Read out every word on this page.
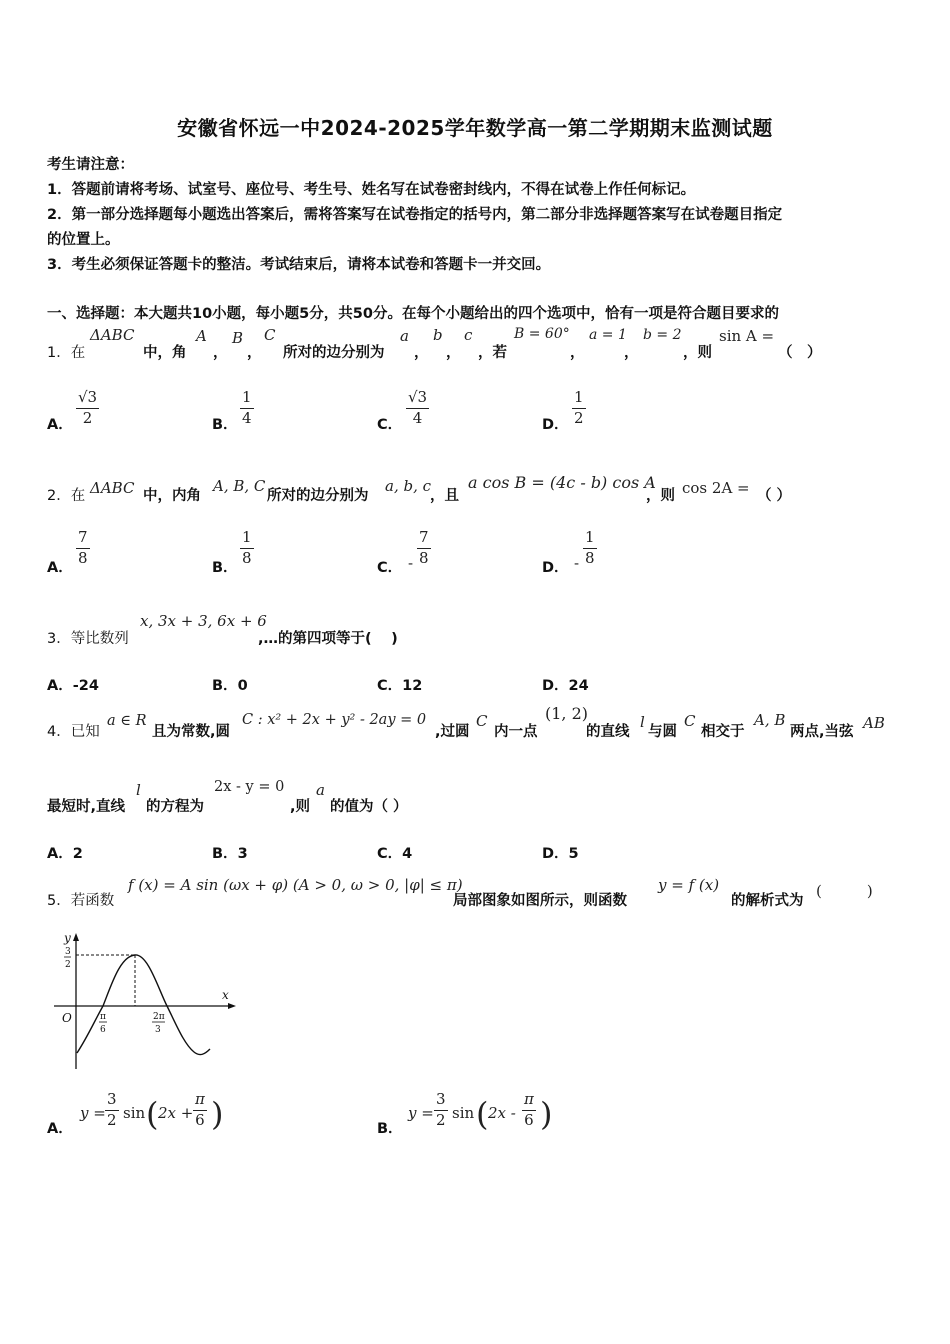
安徽省怀远一中2024-2025学年数学高一第二学期期末监测试题
考生请注意：
1．答题前请将考场、试室号、座位号、考生号、姓名写在试卷密封线内，不得在试卷上作任何标记。
2．第一部分选择题每小题选出答案后，需将答案写在试卷指定的括号内，第二部分非选择题答案写在试卷题目指定
的位置上。
3．考生必须保证答题卡的整洁。考试结束后，请将本试卷和答题卡一并交回。
一、选择题：本大题共10小题，每小题5分，共50分。在每个小题给出的四个选项中，恰有一项是符合题目要求的
1．在
ΔABC
中，角
A
，
B
，
C
所对的边分别为
a
，
b
，
c
，若
B = 60°
，
a = 1
，
b = 2
，则
sin A =
（　）
A． $\frac{√3}{2}$	B． $\frac{1}{4}$	C． $\frac{√3}{4}$	D． $\frac{1}{2}$
2．在 ΔABC 中，内角
A, B, C
所对的边分别为
a, b, c
，且
a cos B = (4c - b) cos A
，则 cos 2A = （ ）
A．
$\frac{7}{8}$
B．
$\frac{1}{8}$
C． - $\frac{7}{8}$
D． - $\frac{1}{8}$
3．等比数列
x, 3x + 3, 6x + 6
,…的第四项等于(　 )
A．-24	B．0	C．12	D．24
4．已知
a ∈ R
且为常数,圆
C : x² + 2x + y² - 2ay = 0
,过圆
C
内一点
(1, 2)
的直线
l
与圆
C
相交于
A, B
两点,当弦 AB
最短时,直线
l
的方程为
2x - y = 0
,则
a
的值为（ ）
A．2	B．3	C．4	D．5
5．若函数
f (x) = A sin (ωx + φ) (A > 0, ω > 0, |φ| ≤ π)
局部图象如图所示，则函数
y = f (x)
的解析式为
(　　　)
y
x
O
3
2
π
6
2π
3
A．
$y = \frac{3}{2}$ sin ( $2x + \frac{\pi}{6}$ )	B．
$y = \frac{3}{2}$ sin ( $2x - \frac{\pi}{6}$ )
